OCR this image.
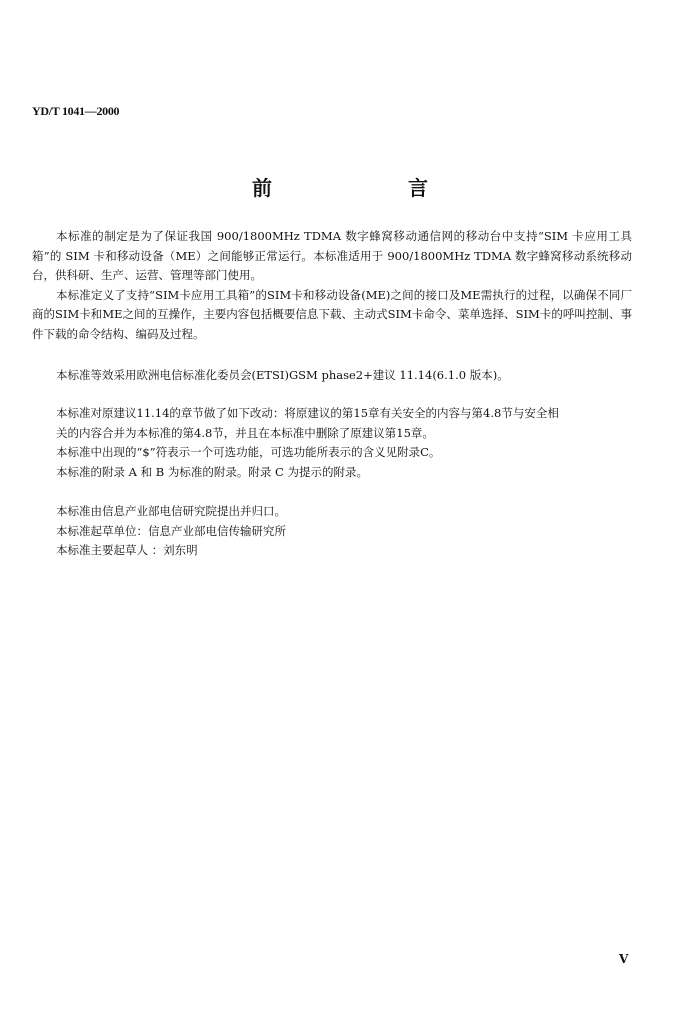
YD/T 1041—2000
前　言

本标准的制定是为了保证我国 900/1800MHz TDMA 数字蜂窝移动通信网的移动台中支持“SIM 卡应用工具箱”的 SIM 卡和移动设备（ME）之间能够正常运行。本标准适用于 900/1800MHz TDMA 数字蜂窝移动系统移动台，供科研、生产、运营、管理等部门使用。

本标准定义了支持“SIM卡应用工具箱”的SIM卡和移动设备(ME)之间的接口及ME需执行的过程，以确保不同厂商的SIM卡和ME之间的互操作，主要内容包括概要信息下载、主动式SIM卡命令、菜单选择、SIM卡的呼叫控制、事件下载的命令结构、编码及过程。

本标准等效采用欧洲电信标准化委员会(ETSI)GSM phase2+建议 11.14(6.1.0 版本)。
本标准对原建议11.14的章节做了如下改动：将原建议的第15章有关安全的内容与第4.8节与安全相
关的内容合并为本标准的第4.8节，并且在本标准中删除了原建议第15章。
本标准中出现的“$”符表示一个可选功能，可选功能所表示的含义见附录C。
本标准的附录 A 和 B 为标准的附录。附录 C 为提示的附录。
本标准由信息产业部电信研究院提出并归口。
本标准起草单位：信息产业部电信传输研究所
本标准主要起草人 ：刘东明
V
